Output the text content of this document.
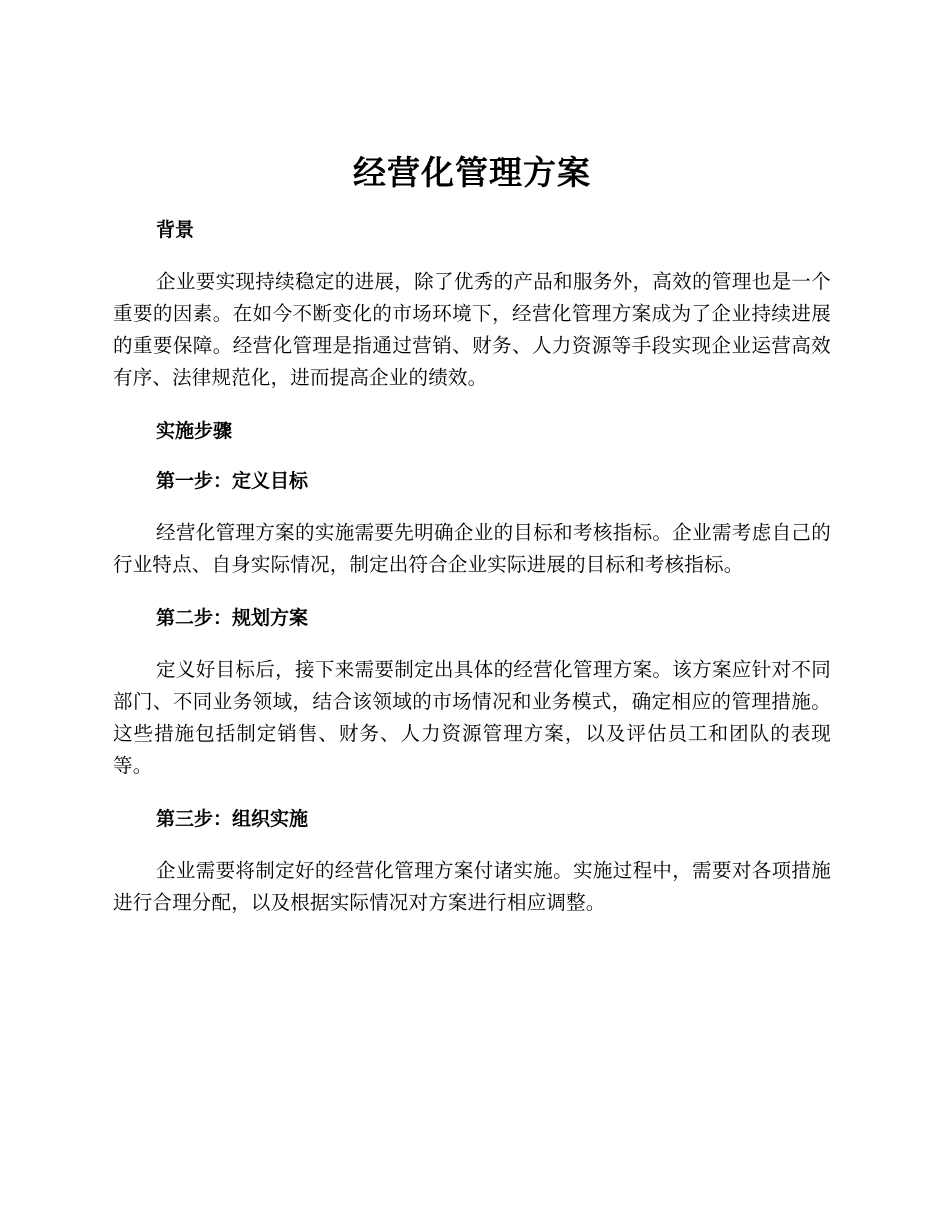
经营化管理方案
背景

企业要实现持续稳定的进展，除了优秀的产品和服务外，高效的管理也是一个重要的因素。在如今不断变化的市场环境下，经营化管理方案成为了企业持续进展的重要保障。经营化管理是指通过营销、财务、人力资源等手段实现企业运营高效有序、法律规范化，进而提高企业的绩效。

实施步骤
第一步：定义目标

经营化管理方案的实施需要先明确企业的目标和考核指标。企业需考虑自己的行业特点、自身实际情况，制定出符合企业实际进展的目标和考核指标。

第二步：规划方案

定义好目标后，接下来需要制定出具体的经营化管理方案。该方案应针对不同部门、不同业务领域，结合该领域的市场情况和业务模式，确定相应的管理措施。这些措施包括制定销售、财务、人力资源管理方案，以及评估员工和团队的表现等。

第三步：组织实施

企业需要将制定好的经营化管理方案付诸实施。实施过程中，需要对各项措施进行合理分配，以及根据实际情况对方案进行相应调整。
